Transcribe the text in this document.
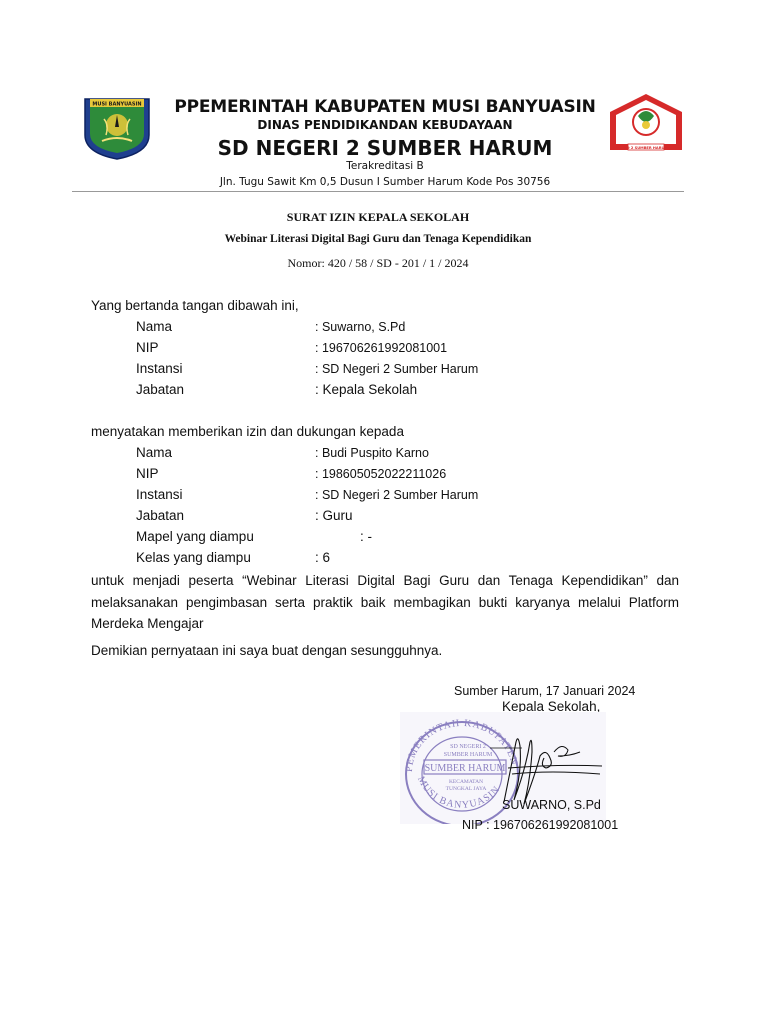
MUSI BANYUASIN
SD 2 SUMBER HARUM
PPEMERINTAH KABUPATEN MUSI BANYUASIN
DINAS PENDIDIKANDAN KEBUDAYAAN
SD NEGERI 2 SUMBER HARUM
Terakreditasi B
Jln. Tugu Sawit Km 0,5 Dusun I Sumber Harum Kode Pos 30756
SURAT IZIN KEPALA SEKOLAH
Webinar Literasi Digital Bagi Guru dan Tenaga Kependidikan
Nomor: 420 / 58 / SD - 201 / 1 / 2024
Yang bertanda tangan dibawah ini,
Nama	: Suwarno, S.Pd
NIP	: 196706261992081001
Instansi	: SD Negeri 2 Sumber Harum
Jabatan	: Kepala Sekolah
menyatakan memberikan izin dan dukungan kepada
Nama	: Budi Puspito Karno
NIP	: 198605052022211026
Instansi	: SD Negeri 2 Sumber Harum
Jabatan	: Guru
Mapel yang diampu	: -
Kelas yang diampu	: 6
untuk menjadi peserta “Webinar Literasi Digital Bagi Guru dan Tenaga Kependidikan” dan melaksanakan pengimbasan serta praktik baik membagikan bukti karyanya melalui Platform Merdeka Mengajar
Demikian pernyataan ini saya buat dengan sesungguhnya.
Sumber Harum, 17 Januari 2024
Kepala Sekolah,
PEMERINTAH KABUPATEN
MUSI BANYUASIN
SD NEGERI 2
SUMBER HARUM
SUMBER HARUM
KECAMATAN
TUNGKAL JAYA
SUWARNO, S.Pd
NIP : 196706261992081001
